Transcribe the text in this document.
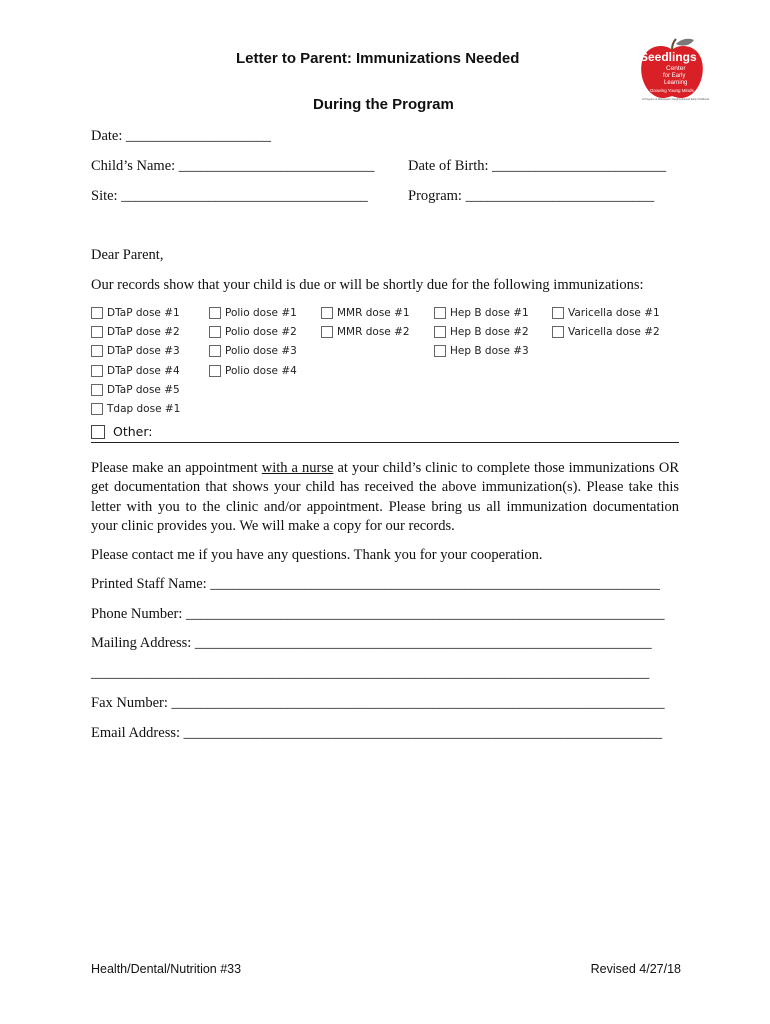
Letter to Parent: Immunizations Needed
During the Program
Seedlings
Center
for Early
Learning
Growing Young Minds
A Program of Washington Heights/Inwood Early Childhood
Date: ____________________
Child’s Name: ___________________________ Date of Birth: ________________________
Site: __________________________________	Program: __________________________
Dear Parent,
Our records show that your child is due or will be shortly due for the following immunizations:
DTaP dose #1
DTaP dose #2
DTaP dose #3
DTaP dose #4
DTaP dose #5
Tdap dose #1
Polio dose #1
Polio dose #2
Polio dose #3
Polio dose #4
MMR dose #1
MMR dose #2
Hep B dose #1
Hep B dose #2
Hep B dose #3
Varicella dose #1
Varicella dose #2
Other:
Please make an appointment with a nurse at your child’s clinic to complete those immunizations OR get documentation that shows your child has received the above immunization(s). Please take this letter with you to the clinic and/or appointment. Please bring us all immunization documentation your clinic provides you. We will make a copy for our records.
Please contact me if you have any questions. Thank you for your cooperation.
Printed Staff Name: ______________________________________________________________
Phone Number: __________________________________________________________________
Mailing Address: _______________________________________________________________
_____________________________________________________________________________
Fax Number: ____________________________________________________________________
Email Address: __________________________________________________________________
Health/Dental/Nutrition #33	Revised 4/27/18
